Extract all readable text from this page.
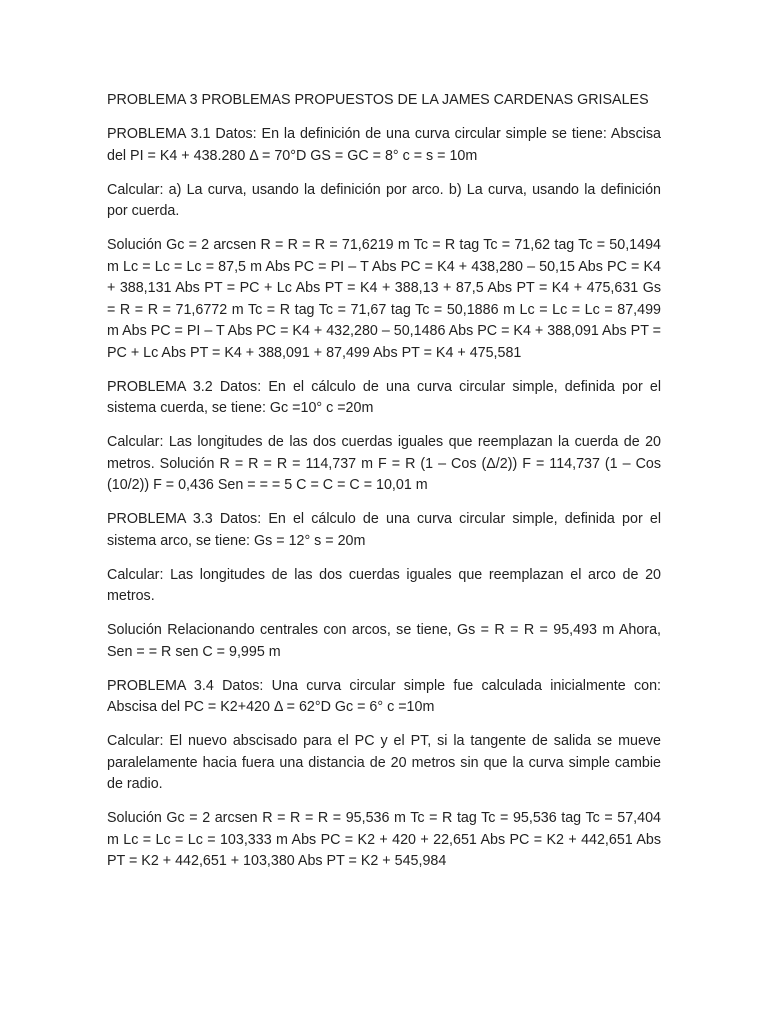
PROBLEMA 3 PROBLEMAS PROPUESTOS DE LA JAMES CARDENAS GRISALES

PROBLEMA 3.1 Datos: En la definición de una curva circular simple se tiene: Abscisa del PI = K4 + 438.280 Δ = 70°D GS = GC = 8° c = s = 10m

Calcular: a) La curva, usando la definición por arco. b) La curva, usando la definición por cuerda.

Solución Gc = 2 arcsen R = R = R = 71,6219 m Tc = R tag Tc = 71,62 tag Tc = 50,1494 m Lc = Lc = Lc = 87,5 m Abs PC = PI – T Abs PC = K4 + 438,280 – 50,15 Abs PC = K4 + 388,131 Abs PT = PC + Lc Abs PT = K4 + 388,13 + 87,5 Abs PT = K4 + 475,631 Gs = R = R = 71,6772 m Tc = R tag Tc = 71,67 tag Tc = 50,1886 m Lc = Lc = Lc = 87,499 m Abs PC = PI – T Abs PC = K4 + 432,280 – 50,1486 Abs PC = K4 + 388,091 Abs PT = PC + Lc Abs PT = K4 + 388,091 + 87,499 Abs PT = K4 + 475,581

PROBLEMA 3.2 Datos: En el cálculo de una curva circular simple, definida por el sistema cuerda, se tiene: Gc =10° c =20m

Calcular: Las longitudes de las dos cuerdas iguales que reemplazan la cuerda de 20 metros. Solución R = R = R = 114,737 m F = R (1 – Cos (Δ/2)) F = 114,737 (1 – Cos (10/2)) F = 0,436 Sen = = = 5 C = C = C = 10,01 m

PROBLEMA 3.3 Datos: En el cálculo de una curva circular simple, definida por el sistema arco, se tiene: Gs = 12° s = 20m

Calcular: Las longitudes de las dos cuerdas iguales que reemplazan el arco de 20 metros.

Solución Relacionando centrales con arcos, se tiene, Gs = R = R = 95,493 m Ahora, Sen = = R sen C = 9,995 m

PROBLEMA 3.4 Datos: Una curva circular simple fue calculada inicialmente con: Abscisa del PC = K2+420 Δ = 62°D Gc = 6° c =10m

Calcular: El nuevo abscisado para el PC y el PT, si la tangente de salida se mueve paralelamente hacia fuera una distancia de 20 metros sin que la curva simple cambie de radio.

Solución Gc = 2 arcsen R = R = R = 95,536 m Tc = R tag Tc = 95,536 tag Tc = 57,404 m Lc = Lc = Lc = 103,333 m Abs PC = K2 + 420 + 22,651 Abs PC = K2 + 442,651 Abs PT = K2 + 442,651 + 103,380 Abs PT = K2 + 545,984
